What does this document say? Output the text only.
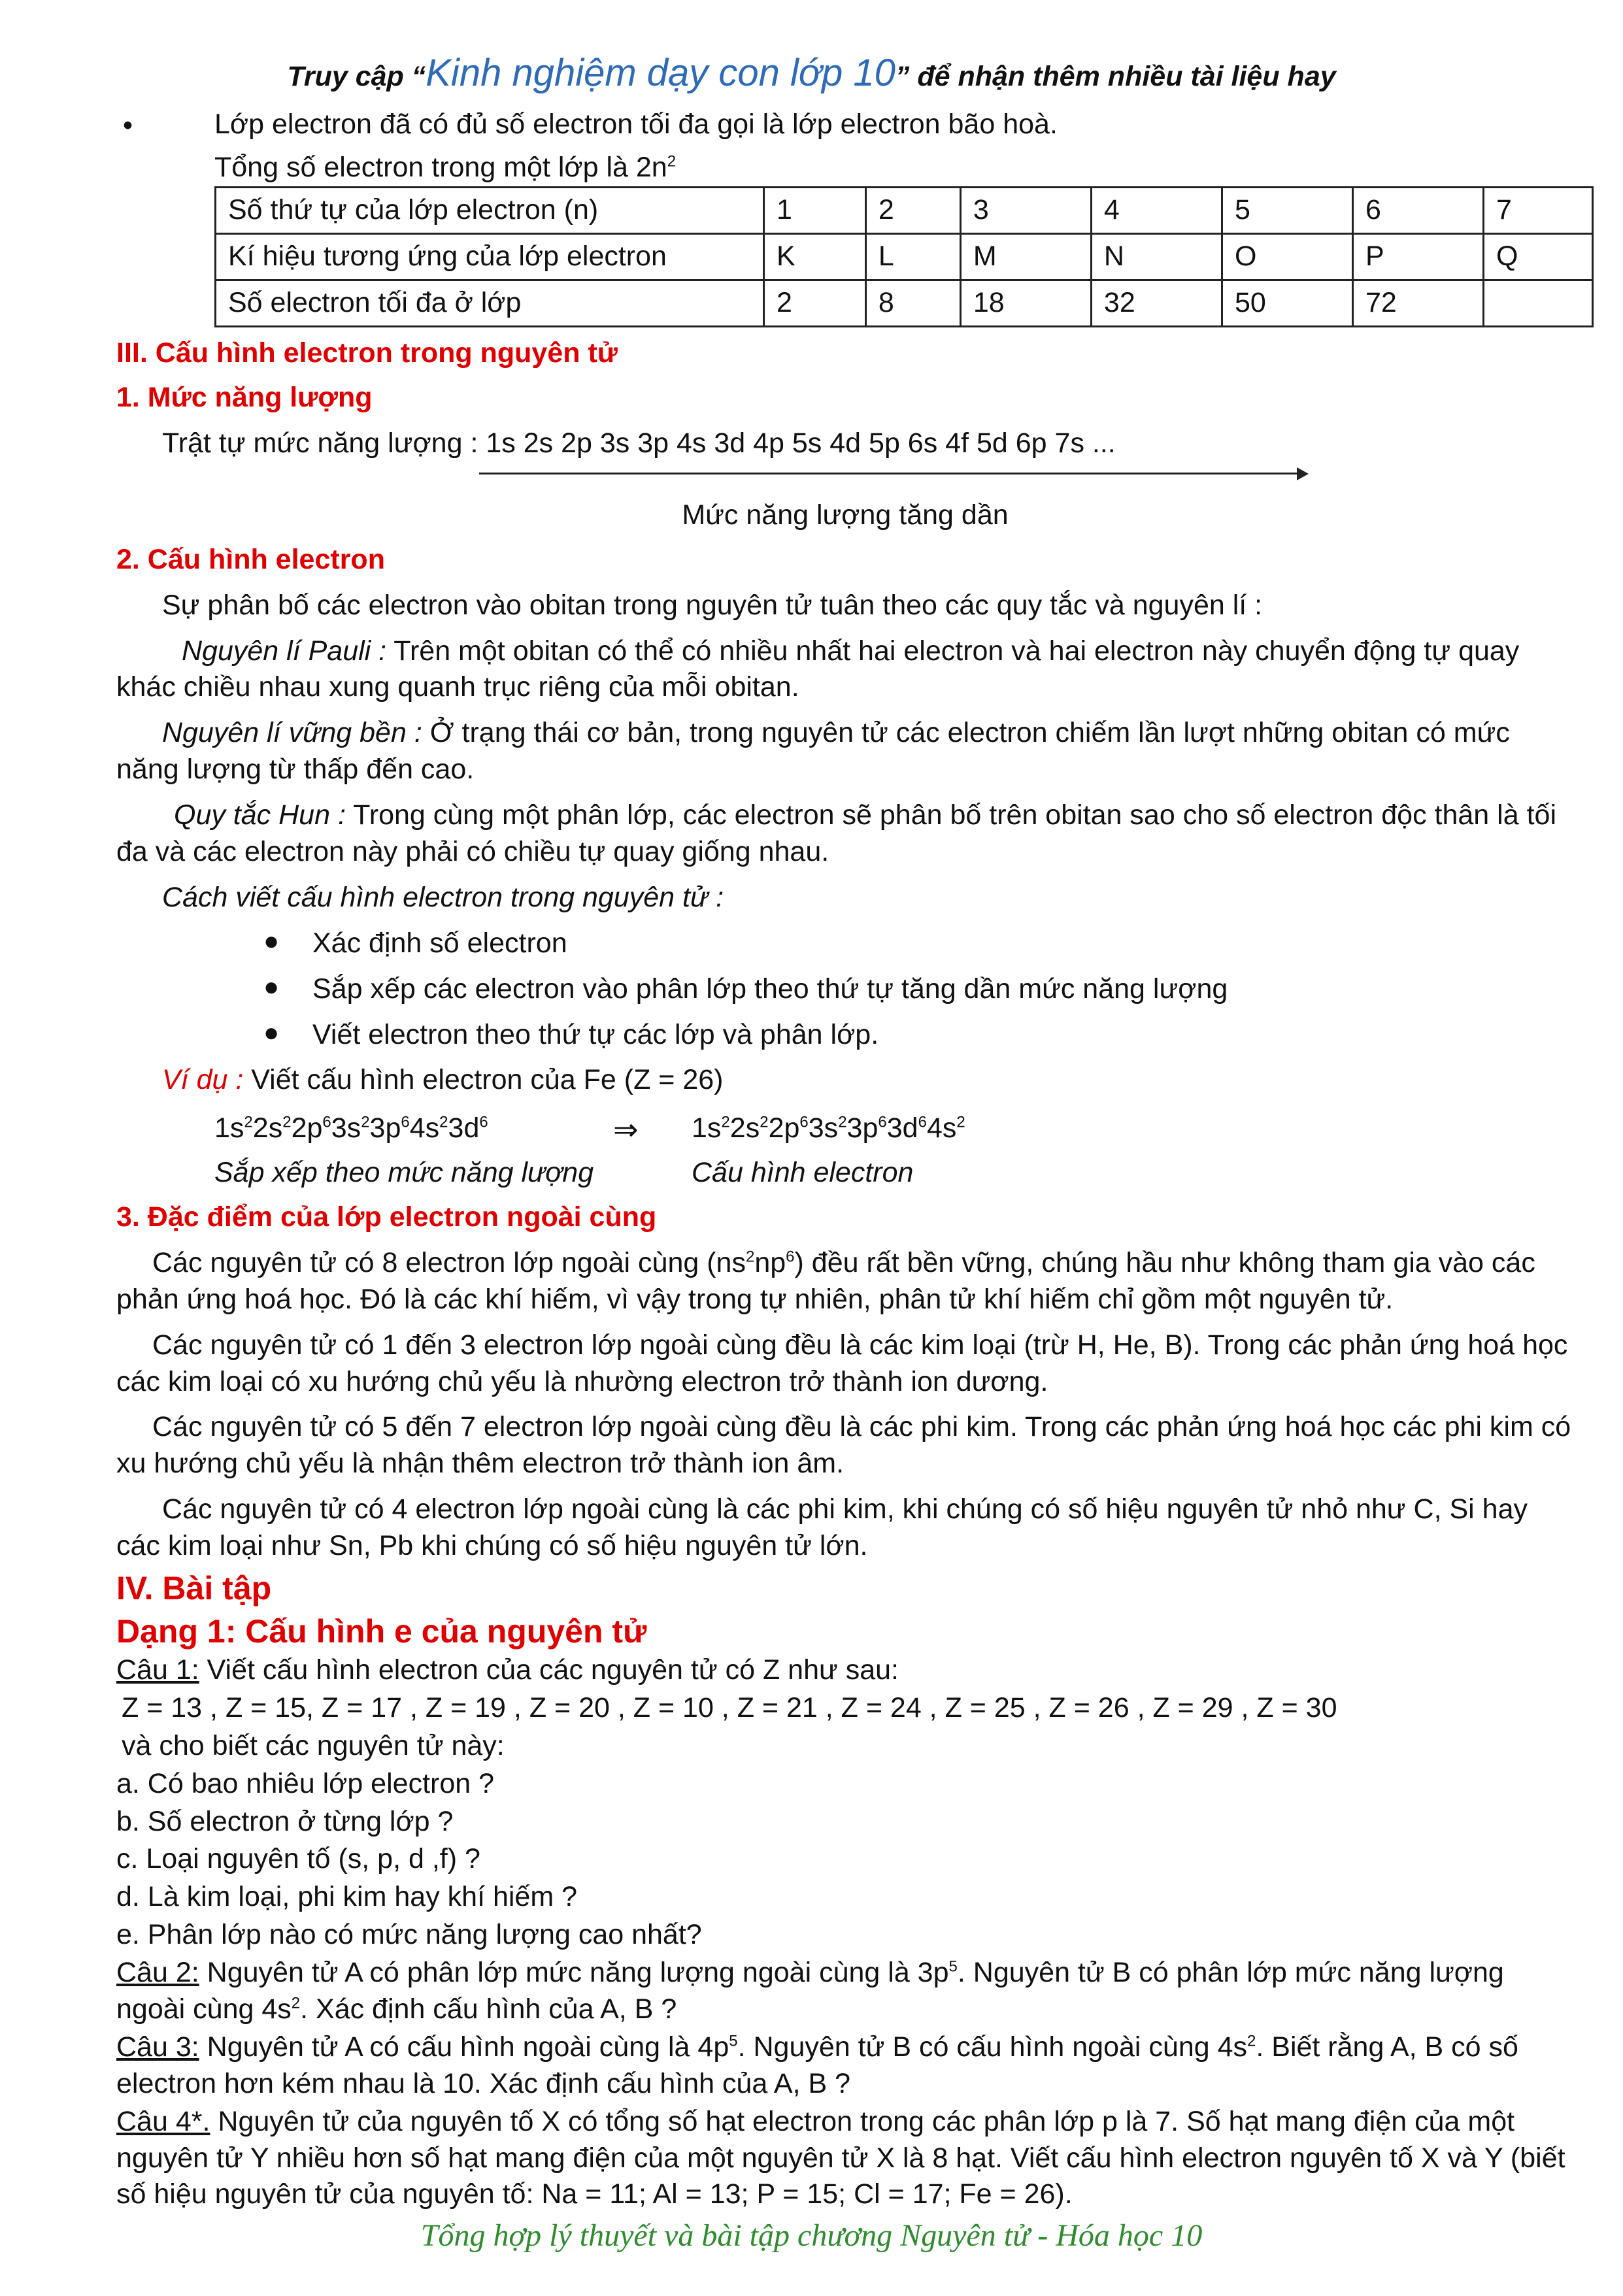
Truy cập “Kinh nghiệm dạy con lớp 10” để nhận thêm nhiều tài liệu hay
•	Lớp electron đã có đủ số electron tối đa gọi là lớp electron bão hoà.
Tổng số electron trong một lớp là $2n^2$
Số thứ tự của lớp electron (n)	1	2	3	4	5	6	7
Kí hiệu tương ứng của lớp electron	K	L	M	N	O	P	Q
Số electron tối đa ở lớp	2	8	18	32	50	72	
III. Cấu hình electron trong nguyên tử
1. Mức năng lượng
Trật tự mức năng lượng : 1s 2s 2p 3s 3p 4s 3d 4p 5s 4d 5p 6s 4f 5d 6p 7s ...
Mức năng lượng tăng dần
2. Cấu hình electron
Sự phân bố các electron vào obitan trong nguyên tử tuân theo các quy tắc và nguyên lí :
Nguyên lí Pauli : Trên một obitan có thể có nhiều nhất hai electron và hai electron này chuyển động tự quay khác chiều nhau xung quanh trục riêng của mỗi obitan.
Nguyên lí vững bền : Ở trạng thái cơ bản, trong nguyên tử các electron chiếm lần lượt những obitan có mức năng lượng từ thấp đến cao.
Quy tắc Hun : Trong cùng một phân lớp, các electron sẽ phân bố trên obitan sao cho số electron độc thân là tối đa và các electron này phải có chiều tự quay giống nhau.
Cách viết cấu hình electron trong nguyên tử :
● Xác định số electron
● Sắp xếp các electron vào phân lớp theo thứ tự tăng dần mức năng lượng
● Viết electron theo thứ tự các lớp và phân lớp.
Ví dụ : Viết cấu hình electron của Fe (Z = 26)
$1s^22s^22p^63s^23p^64s^23d^6$	⇒	$1s^22s^22p^63s^23p^63d^64s^2$
Sắp xếp theo mức năng lượng	Cấu hình electron
3. Đặc điểm của lớp electron ngoài cùng
Các nguyên tử có 8 electron lớp ngoài cùng $(ns^2np^6)$ đều rất bền vững, chúng hầu như không tham gia vào các phản ứng hoá học. Đó là các khí hiếm, vì vậy trong tự nhiên, phân tử khí hiếm chỉ gồm một nguyên tử.
Các nguyên tử có 1 đến 3 electron lớp ngoài cùng đều là các kim loại (trừ H, He, B). Trong các phản ứng hoá học các kim loại có xu hướng chủ yếu là nhường electron trở thành ion dương.
Các nguyên tử có 5 đến 7 electron lớp ngoài cùng đều là các phi kim. Trong các phản ứng hoá học các phi kim có xu hướng chủ yếu là nhận thêm electron trở thành ion âm.
Các nguyên tử có 4 electron lớp ngoài cùng là các phi kim, khi chúng có số hiệu nguyên tử nhỏ như C, Si hay các kim loại như Sn, Pb khi chúng có số hiệu nguyên tử lớn.
IV. Bài tập
Dạng 1: Cấu hình e của nguyên tử
Câu 1: Viết cấu hình electron của các nguyên tử có Z như sau:
Z = 13 , Z = 15, Z = 17 , Z = 19 , Z = 20 , Z = 10 , Z = 21 , Z = 24 , Z = 25 , Z = 26 , Z = 29 , Z = 30
và cho biết các nguyên tử này:
a. Có bao nhiêu lớp electron ?
b. Số electron ở từng lớp ?
c. Loại nguyên tố (s, p, d ,f) ?
d. Là kim loại, phi kim hay khí hiếm ?
e. Phân lớp nào có mức năng lượng cao nhất?
Câu 2: Nguyên tử A có phân lớp mức năng lượng ngoài cùng là $3p^5$. Nguyên tử B có phân lớp mức năng lượng ngoài cùng $4s^2$. Xác định cấu hình của A, B ?
Câu 3: Nguyên tử A có cấu hình ngoài cùng là $4p^5$. Nguyên tử B có cấu hình ngoài cùng $4s^2$. Biết rằng A, B có số electron hơn kém nhau là 10. Xác định cấu hình của A, B ?
Câu 4*. Nguyên tử của nguyên tố X có tổng số hạt electron trong các phân lớp p là 7. Số hạt mang điện của một nguyên tử Y nhiều hơn số hạt mang điện của một nguyên tử X là 8 hạt. Viết cấu hình electron nguyên tố X và Y (biết số hiệu nguyên tử của nguyên tố: Na = 11; Al = 13; P = 15; Cl = 17; Fe = 26).
Tổng hợp lý thuyết và bài tập chương Nguyên tử - Hóa học 10
